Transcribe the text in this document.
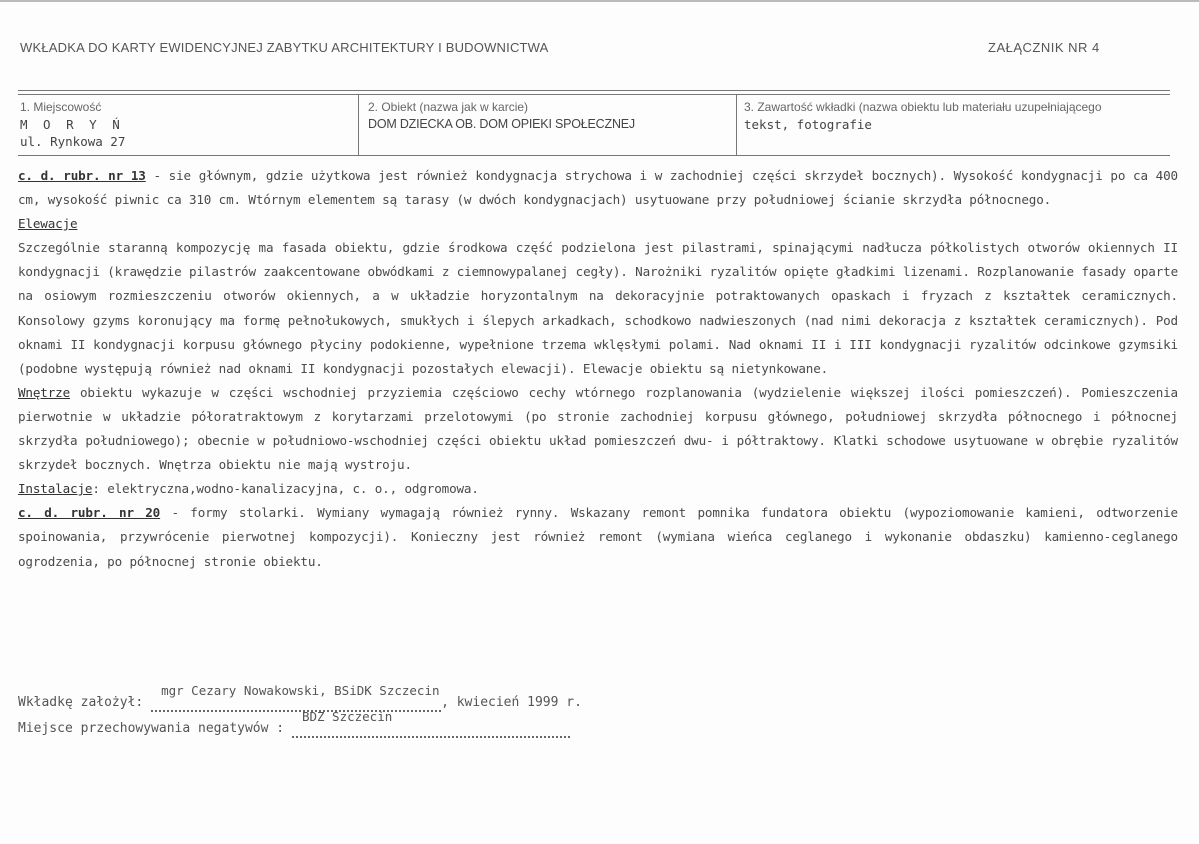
WKŁADKA DO KARTY EWIDENCYJNEJ ZABYTKU ARCHITEKTURY I BUDOWNICTWA	ZAŁĄCZNIK NR 4
1. Miejscowość
M O R Y Ń
ul. Rynkowa 27
2. Obiekt (nazwa jak w karcie)
DOM DZIECKA OB. DOM OPIEKI SPOŁECZNEJ
3. Zawartość wkładki (nazwa obiektu lub materiału uzupełniającego
tekst, fotografie

c. d. rubr. nr 13 - sie głównym, gdzie użytkowa jest również kondygnacja strychowa i w zachodniej części skrzydeł bocznych). Wysokość kondygnacji po ca 400 cm, wysokość piwnic ca 310 cm. Wtórnym elementem są tarasy (w dwóch kondygnacjach) usytuowane przy południowej ścianie skrzydła północnego.

Elewacje

Szczególnie staranną kompozycję ma fasada obiektu, gdzie środkowa część podzielona jest pilastrami, spinającymi nadłucza półkolistych otworów okiennych II kondygnacji (krawędzie pilastrów zaakcentowane obwódkami z ciemnowypalanej cegły). Narożniki ryzalitów opięte gładkimi lizenami. Rozplanowanie fasady oparte na osiowym rozmieszczeniu otworów okiennych, a w układzie horyzontalnym na dekoracyjnie potraktowanych opaskach i fryzach z kształtek ceramicznych. Konsolowy gzyms koronujący ma formę pełnołukowych, smukłych i ślepych arkadkach, schodkowo nadwieszonych (nad nimi dekoracja z kształtek ceramicznych). Pod oknami II kondygnacji korpusu głównego płyciny podokienne, wypełnione trzema wklęsłymi polami. Nad oknami II i III kondygnacji ryzalitów odcinkowe gzymsiki (podobne występują również nad oknami II kondygnacji pozostałych elewacji). Elewacje obiektu są nietynkowane.

Wnętrze obiektu wykazuje w części wschodniej przyziemia częściowo cechy wtórnego rozplanowania (wydzielenie większej ilości pomieszczeń). Pomieszczenia pierwotnie w układzie półoratraktowym z korytarzami przelotowymi (po stronie zachodniej korpusu głównego, południowej skrzydła północnego i północnej skrzydła południowego); obecnie w południowo-wschodniej części obiektu układ pomieszczeń dwu- i półtraktowy. Klatki schodowe usytuowane w obrębie ryzalitów skrzydeł bocznych. Wnętrza obiektu nie mają wystroju.

Instalacje: elektryczna,wodno-kanalizacyjna, c. o., odgromowa.

c. d. rubr. nr 20 - formy stolarki. Wymiany wymagają również rynny. Wskazany remont pomnika fundatora obiektu (wypoziomowanie kamieni, odtworzenie spoinowania, przywrócenie pierwotnej kompozycji). Konieczny jest również remont (wymiana wieńca ceglanego i wykonanie obdaszku) kamienno-ceglanego ogrodzenia, po północnej stronie obiektu.

Wkładkę założył:
mgr Cezary Nowakowski, BSiDK Szczecin
, kwiecień 1999 r.
Miejsce przechowywania negatywów :
BDZ Szczecin
